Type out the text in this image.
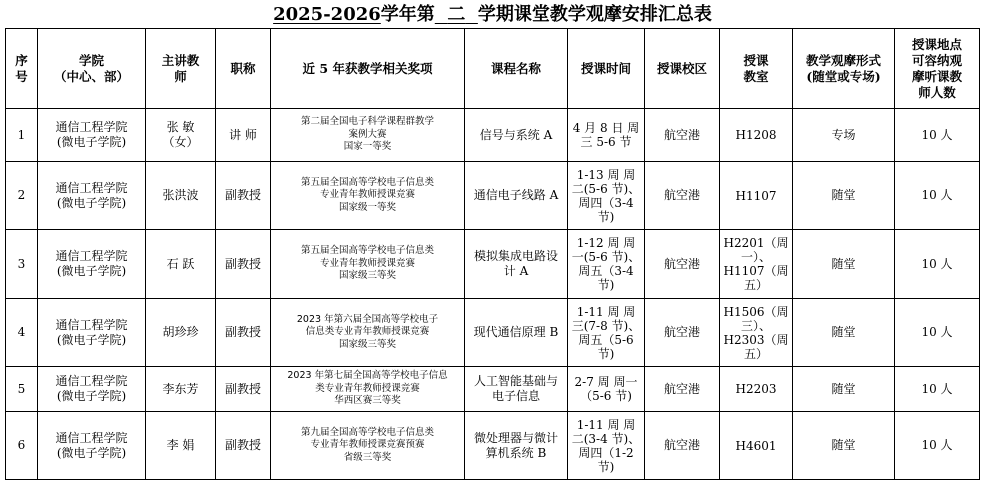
2025-2026学年第 二 学期课堂教学观摩安排汇总表
序
号	学院
（中心、部）	主讲教
师	职称	近 5 年获教学相关奖项	课程名称	授课时间	授课校区	授课
教室	教学观摩形式
(随堂或专场)	授课地点
可容纳观
摩听课教
师人数

1	通信工程学院
(微电子学院)	张 敏
（女）	讲 师	第二届全国电子科学课程群教学
案例大赛
国家一等奖	信号与系统 A	4 月 8 日 周
三 5-6 节	航空港	H1208	专场	10 人
2	通信工程学院
(微电子学院)	张洪波	副教授	第五届全国高等学校电子信息类
专业青年教师授课竞赛
国家级一等奖	通信电子线路 A	1-13 周 周
二(5-6 节)、
周四（3-4
节)	航空港	H1107	随堂	10 人
3	通信工程学院
(微电子学院)	石 跃	副教授	第五届全国高等学校电子信息类
专业青年教师授课竞赛
国家级三等奖	模拟集成电路设
计 A	1-12 周 周
一(5-6 节)、
周五（3-4
节)	航空港	H2201（周
一）、
H1107（周
五）	随堂	10 人
4	通信工程学院
(微电子学院)	胡珍珍	副教授	2023 年第六届全国高等学校电子
信息类专业青年教师授课竞赛
国家级三等奖	现代通信原理 B	1-11 周 周
三(7-8 节)、
周五（5-6
节)	航空港	H1506（周
三）、
H2303（周
五）	随堂	10 人
5	通信工程学院
(微电子学院)	李东芳	副教授	2023 年第七届全国高等学校电子信息
类专业青年教师授课竞赛
华西区赛三等奖	人工智能基础与
电子信息	2-7 周 周一
（5-6 节)	航空港	H2203	随堂	10 人
6	通信工程学院
(微电子学院)	李 娟	副教授	第九届全国高等学校电子信息类
专业青年教师授课竞赛预赛
省级三等奖	微处理器与微计
算机系统 B	1-11 周 周
二(3-4 节)、
周四（1-2
节)	航空港	H4601	随堂	10 人
